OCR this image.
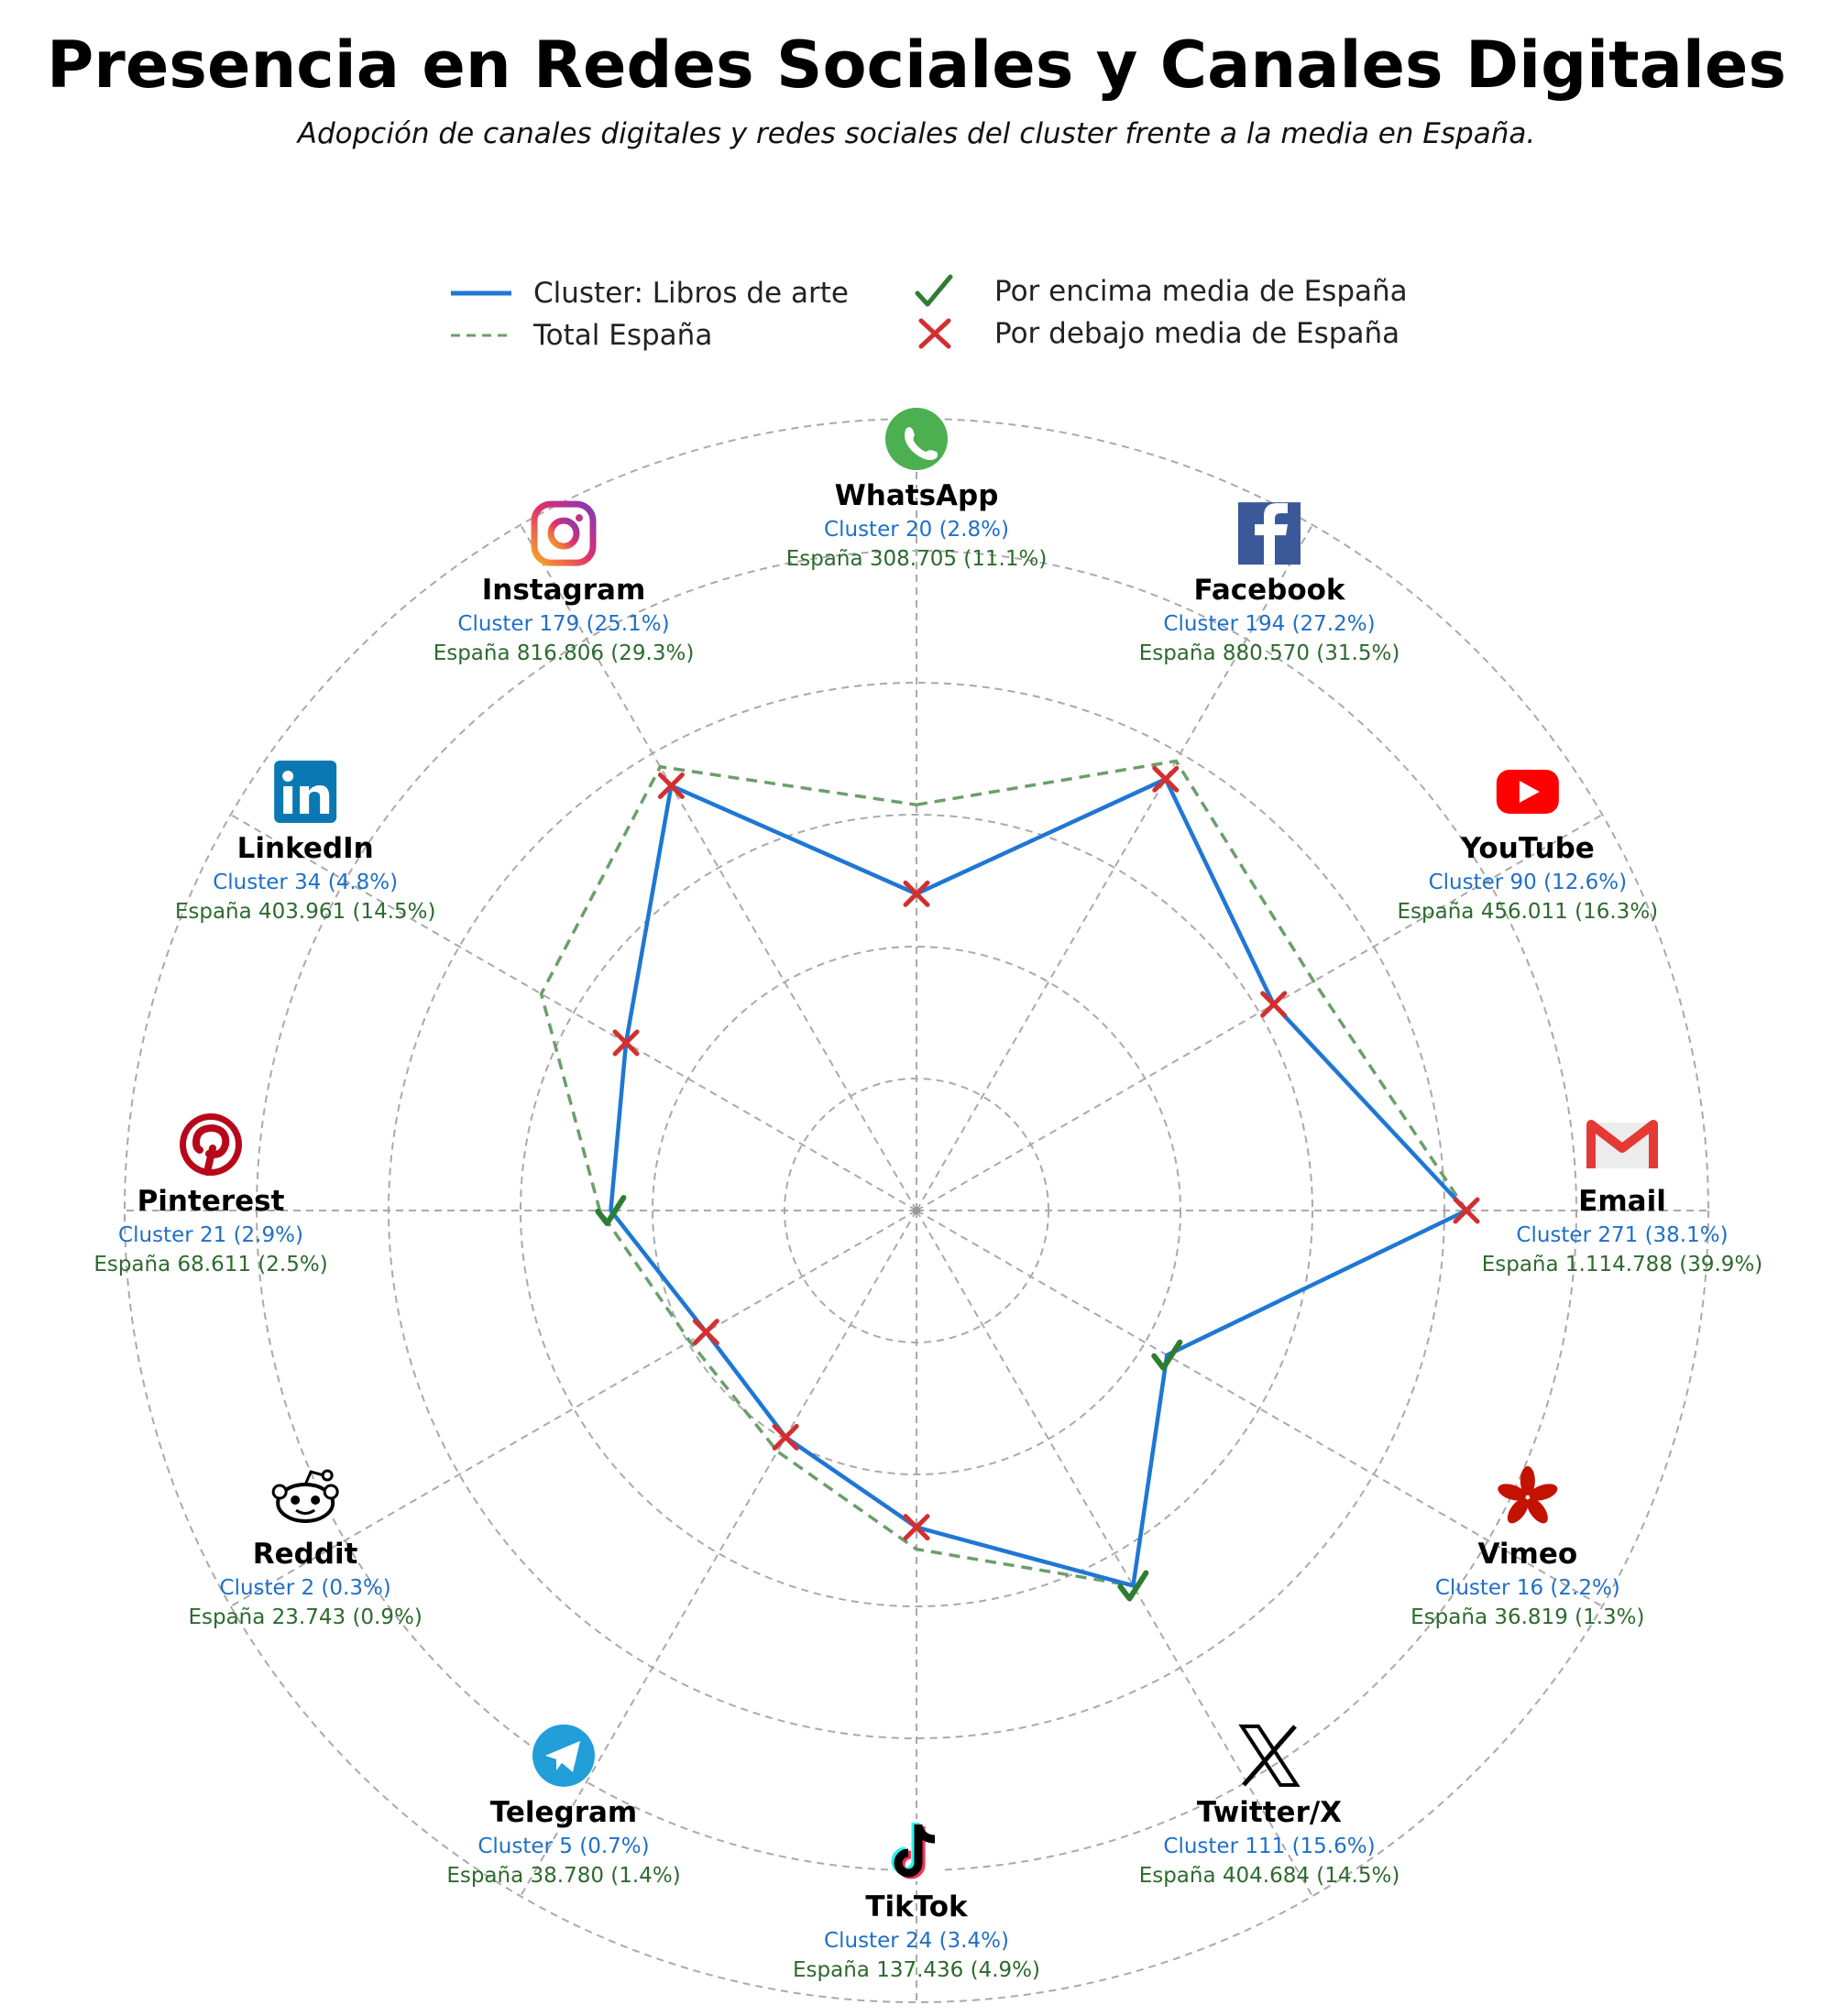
Presencia en Redes Sociales y Canales Digitales
Adopción de canales digitales y redes sociales del cluster frente a la media en España.
Cluster: Libros de arte
Total España
Por encima media de España
Por debajo media de España
WhatsApp
Cluster 20 (2.8%)
España 308.705 (11.1%)
Facebook
Cluster 194 (27.2%)
España 880.570 (31.5%)
YouTube
Cluster 90 (12.6%)
España 456.011 (16.3%)
Email
Cluster 271 (38.1%)
España 1.114.788 (39.9%)
Vimeo
Cluster 16 (2.2%)
España 36.819 (1.3%)
Twitter/X
Cluster 111 (15.6%)
España 404.684 (14.5%)
TikTok
Cluster 24 (3.4%)
España 137.436 (4.9%)
Telegram
Cluster 5 (0.7%)
España 38.780 (1.4%)
Reddit
Cluster 2 (0.3%)
España 23.743 (0.9%)
Pinterest
Cluster 21 (2.9%)
España 68.611 (2.5%)
LinkedIn
Cluster 34 (4.8%)
España 403.961 (14.5%)
Instagram
Cluster 179 (25.1%)
España 816.806 (29.3%)
